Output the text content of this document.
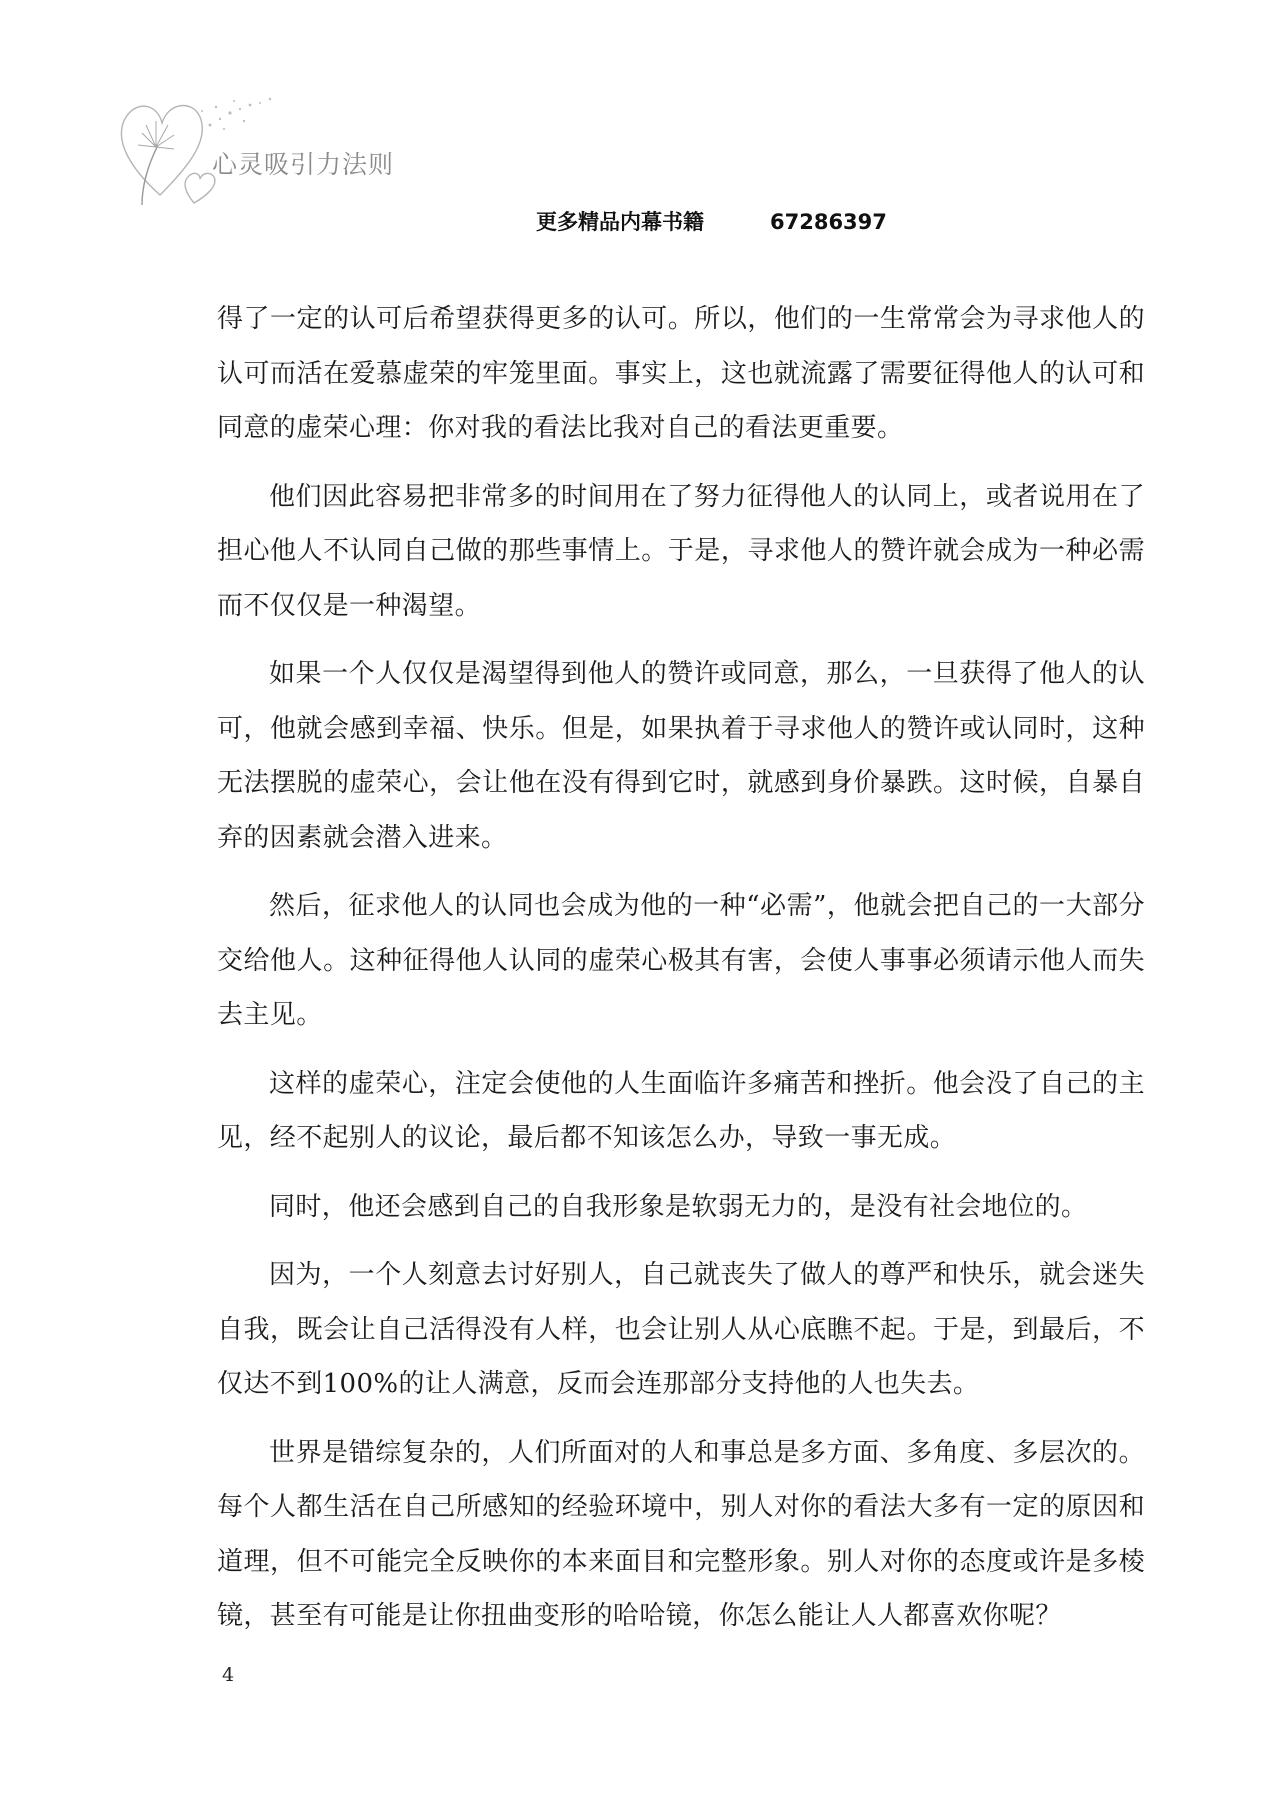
心灵吸引力法则
更多精品内幕书籍	67286397

得了一定的认可后希望获得更多的认可。所以，他们的一生常常会为寻求他人的认可而活在爱慕虚荣的牢笼里面。事实上，这也就流露了需要征得他人的认可和同意的虚荣心理：你对我的看法比我对自己的看法更重要。

他们因此容易把非常多的时间用在了努力征得他人的认同上，或者说用在了担心他人不认同自己做的那些事情上。于是，寻求他人的赞许就会成为一种必需而不仅仅是一种渴望。

如果一个人仅仅是渴望得到他人的赞许或同意，那么，一旦获得了他人的认可，他就会感到幸福、快乐。但是，如果执着于寻求他人的赞许或认同时，这种无法摆脱的虚荣心，会让他在没有得到它时，就感到身价暴跌。这时候，自暴自弃的因素就会潜入进来。

然后，征求他人的认同也会成为他的一种“必需”，他就会把自己的一大部分交给他人。这种征得他人认同的虚荣心极其有害，会使人事事必须请示他人而失去主见。

这样的虚荣心，注定会使他的人生面临许多痛苦和挫折。他会没了自己的主见，经不起别人的议论，最后都不知该怎么办，导致一事无成。

同时，他还会感到自己的自我形象是软弱无力的，是没有社会地位的。

因为，一个人刻意去讨好别人，自己就丧失了做人的尊严和快乐，就会迷失自我，既会让自己活得没有人样，也会让别人从心底瞧不起。于是，到最后，不仅达不到100%的让人满意，反而会连那部分支持他的人也失去。

世界是错综复杂的，人们所面对的人和事总是多方面、多角度、多层次的。每个人都生活在自己所感知的经验环境中，别人对你的看法大多有一定的原因和道理，但不可能完全反映你的本来面目和完整形象。别人对你的态度或许是多棱镜，甚至有可能是让你扭曲变形的哈哈镜，你怎么能让人人都喜欢你呢？

4
